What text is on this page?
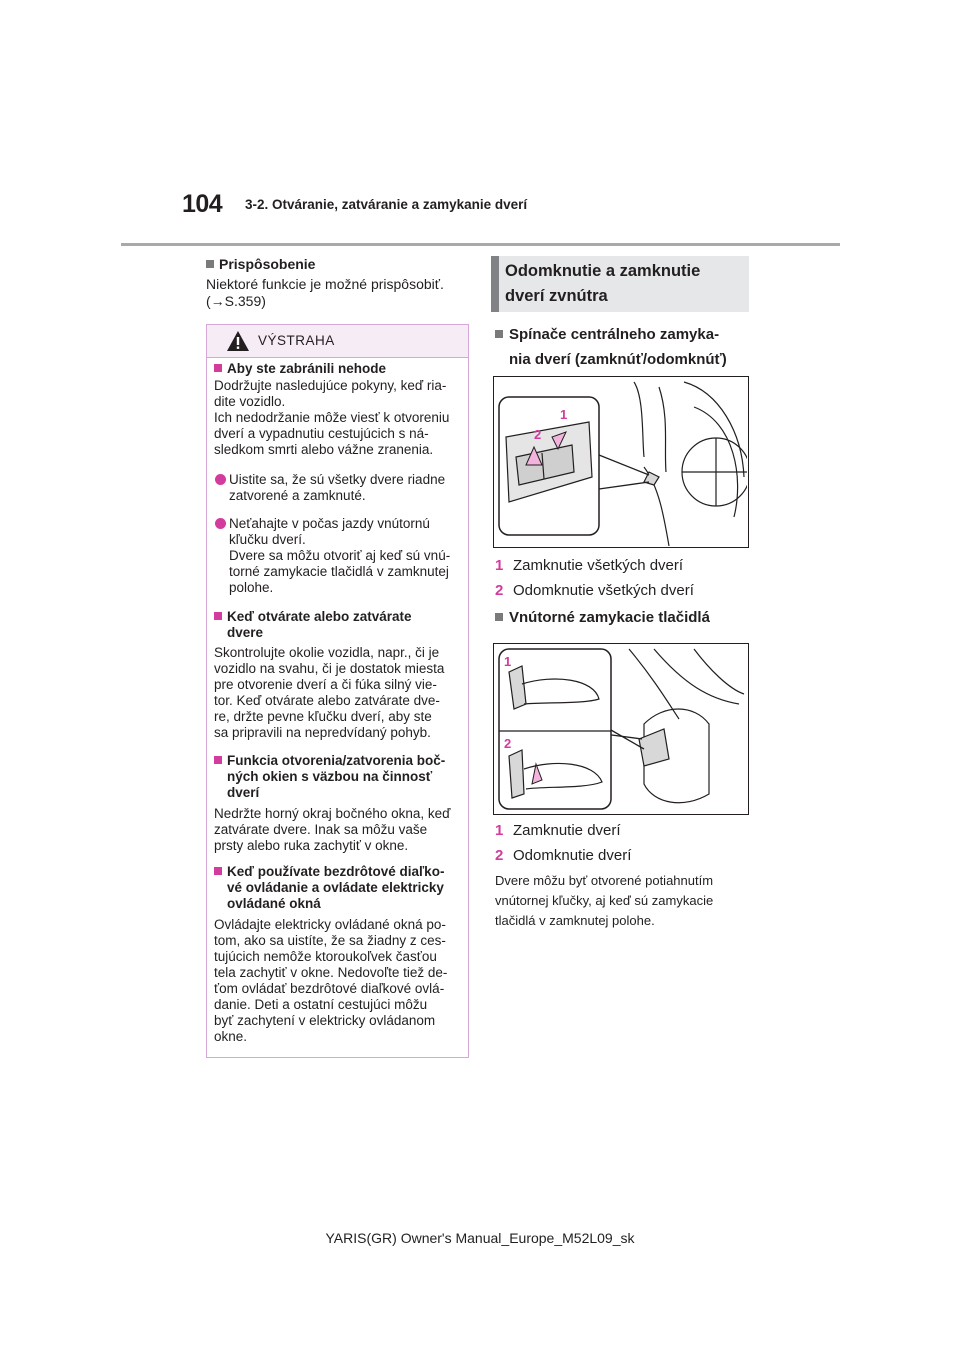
104 3-2. Otváranie, zatváranie a zamykanie dverí
Prispôsobenie
Niektoré funkcie je možné prispôsobiť.
(→S.359)
VÝSTRAHA
Aby ste zabránili nehode
Dodržujte nasledujúce pokyny, keď ria-
dite vozidlo.
Ich nedodržanie môže viesť k otvoreniu
dverí a vypadnutiu cestujúcich s ná-
sledkom smrti alebo vážne zranenia.
Uistite sa, že sú všetky dvere riadne
zatvorené a zamknuté.
Neťahajte v počas jazdy vnútornú
kľučku dverí.
Dvere sa môžu otvoriť aj keď sú vnú-
torné zamykacie tlačidlá v zamknutej
polohe.
Keď otvárate alebo zatvárate
dvere
Skontrolujte okolie vozidla, napr., či je
vozidlo na svahu, či je dostatok miesta
pre otvorenie dverí a či fúka silný vie-
tor. Keď otvárate alebo zatvárate dve-
re, držte pevne kľučku dverí, aby ste
sa pripravili na nepredvídaný pohyb.
Funkcia otvorenia/zatvorenia boč-
ných okien s väzbou na činnosť
dverí
Nedržte horný okraj bočného okna, keď
zatvárate dvere. Inak sa môžu vaše
prsty alebo ruka zachytiť v okne.
Keď používate bezdrôtové diaľko-
vé ovládanie a ovládate elektricky
ovládané okná
Ovládajte elektricky ovládané okná po-
tom, ako sa uistíte, že sa žiadny z ces-
tujúcich nemôže ktoroukoľvek časťou
tela zachytiť v okne. Nedovoľte tiež de-
ťom ovládať bezdrôtové diaľkové ovlá-
danie. Deti a ostatní cestujúci môžu
byť zachytení v elektricky ovládanom
okne.
Odomknutie a zamknutie
dverí zvnútra
Spínače centrálneho zamyka-
nia dverí (zamknúť/odomknúť)
1
2
1 Zamknutie všetkých dverí
2 Odomknutie všetkých dverí
Vnútorné zamykacie tlačidlá
1
2
1 Zamknutie dverí
2 Odomknutie dverí
Dvere môžu byť otvorené potiahnutím
vnútornej kľučky, aj keď sú zamykacie
tlačidlá v zamknutej polohe.
YARIS(GR) Owner's Manual_Europe_M52L09_sk
